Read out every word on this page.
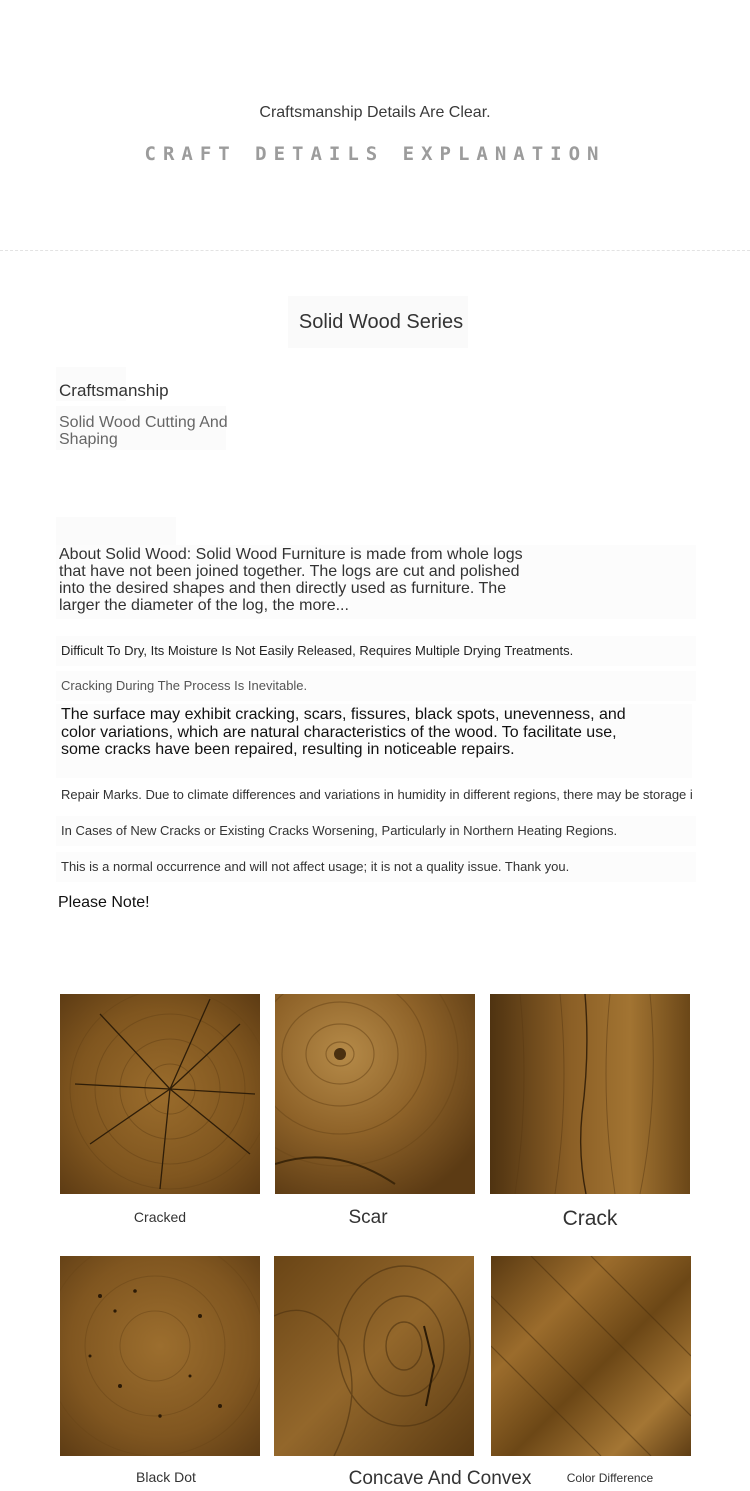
Craftsmanship Details Are Clear.
CRAFT DETAILS EXPLANATION
Solid Wood Series
Craftsmanship
Solid Wood Cutting And Shaping
About Solid Wood: Solid Wood Furniture is made from whole logs that have not been joined together. The logs are cut and polished into the desired shapes and then directly used as furniture. The larger the diameter of the log, the more...
Difficult To Dry, Its Moisture Is Not Easily Released, Requires Multiple Drying Treatments.
Cracking During The Process Is Inevitable.
The surface may exhibit cracking, scars, fissures, black spots, unevenness, and color variations, which are natural characteristics of the wood. To facilitate use, some cracks have been repaired, resulting in noticeable repairs.
Repair Marks. Due to climate differences and variations in humidity in different regions, there may be storage i
In Cases of New Cracks or Existing Cracks Worsening, Particularly in Northern Heating Regions.
This is a normal occurrence and will not affect usage; it is not a quality issue. Thank you.
Please Note!
Cracked	Scar	Crack
Black Dot	Concave And Convex	Color Difference
